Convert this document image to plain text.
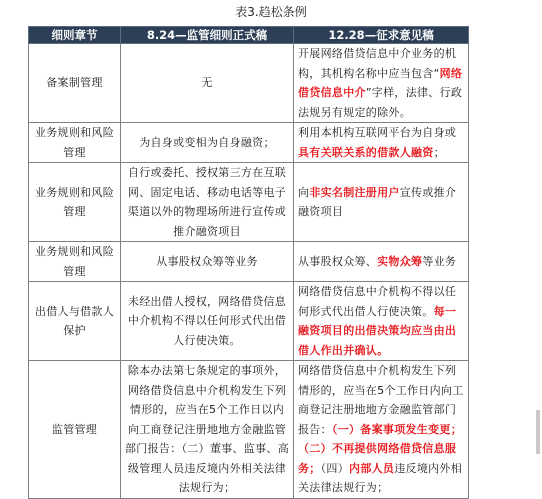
表3.趋松条例
细则章节	8.24—监管细则正式稿	12.28—征求意见稿
备案制管理	无	开展网络借贷信息中介业务的机构，其机构名称中应当包含“网络借贷信息中介”字样，法律、行政法规另有规定的除外。
业务规则和风险管理	为自身或变相为自身融资；	利用本机构互联网平台为自身或具有关联关系的借款人融资；
业务规则和风险管理	自行或委托、授权第三方在互联网、固定电话、移动电话等电子渠道以外的物理场所进行宣传或推介融资项目	向非实名制注册用户宣传或推介融资项目
业务规则和风险管理	从事股权众筹等业务	从事股权众筹、实物众筹等业务
出借人与借款人保护	未经出借人授权，网络借贷信息中介机构不得以任何形式代出借人行使决策。	网络借贷信息中介机构不得以任何形式代出借人行使决策。每一融资项目的出借决策均应当由出借人作出并确认。
监管管理	除本办法第七条规定的事项外，网络借贷信息中介机构发生下列情形的，应当在5个工作日以内向工商登记注册地地方金融监管部门报告：（二）董事、监事、高级管理人员违反境内外相关法律法规行为；	网络借贷信息中介机构发生下列情形的，应当在5个工作日内向工商登记注册地地方金融监管部门报告：（一）备案事项发生变更；（二）不再提供网络借贷信息服务；（四）内部人员违反境内外相关法律法规行为；
